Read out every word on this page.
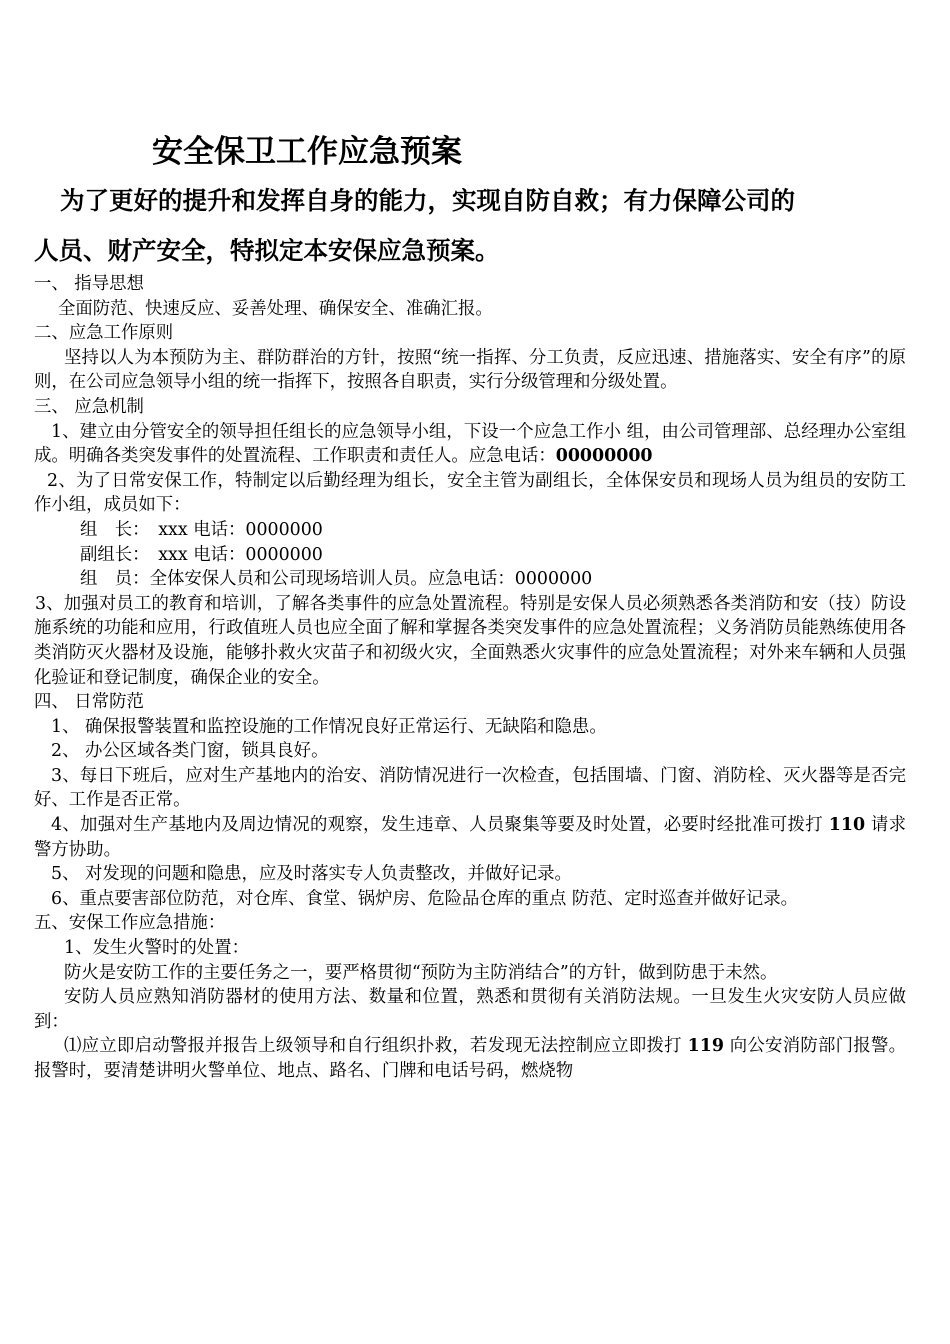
安全保卫工作应急预案
为了更好的提升和发挥自身的能力，实现自防自救；有力保障公司的
人员、财产安全，特拟定本安保应急预案。

一、 指导思想

全面防范、快速反应、妥善处理、确保安全、准确汇报。

二、应急工作原则

坚持以人为本预防为主、群防群治的方针，按照“统一指挥、分工负责，反应迅速、措施落实、安全有序”的原则，在公司应急领导小组的统一指挥下，按照各自职责，实行分级管理和分级处置。

三、 应急机制

1、建立由分管安全的领导担任组长的应急领导小组，下设一个应急工作小 组，由公司管理部、总经理办公室组成。明确各类突发事件的处置流程、工作职责和责任人。应急电话：00000000

2、为了日常安保工作，特制定以后勤经理为组长，安全主管为副组长，全体保安员和现场人员为组员的安防工作小组，成员如下：

组　长：　xxx 电话：0000000

副组长：　xxx 电话：0000000

组　员：全体安保人员和公司现场培训人员。应急电话：0000000

3、加强对员工的教育和培训，了解各类事件的应急处置流程。特别是安保人员必须熟悉各类消防和安（技）防设施系统的功能和应用，行政值班人员也应全面了解和掌握各类突发事件的应急处置流程；义务消防员能熟练使用各类消防灭火器材及设施，能够扑救火灾苗子和初级火灾，全面熟悉火灾事件的应急处置流程；对外来车辆和人员强化验证和登记制度，确保企业的安全。

四、 日常防范

1、 确保报警装置和监控设施的工作情况良好正常运行、无缺陷和隐患。

2、 办公区域各类门窗，锁具良好。

3、每日下班后，应对生产基地内的治安、消防情况进行一次检查，包括围墙、门窗、消防栓、灭火器等是否完好、工作是否正常。

4、加强对生产基地内及周边情况的观察，发生违章、人员聚集等要及时处置，必要时经批准可拨打 110 请求警方协助。

5、 对发现的问题和隐患，应及时落实专人负责整改，并做好记录。

6、重点要害部位防范，对仓库、食堂、锅炉房、危险品仓库的重点 防范、定时巡查并做好记录。

五、安保工作应急措施：

1、发生火警时的处置：

防火是安防工作的主要任务之一，要严格贯彻“预防为主防消结合”的方针，做到防患于未然。

安防人员应熟知消防器材的使用方法、数量和位置，熟悉和贯彻有关消防法规。一旦发生火灾安防人员应做到：

⑴应立即启动警报并报告上级领导和自行组织扑救，若发现无法控制应立即拨打 119 向公安消防部门报警。报警时，要清楚讲明火警单位、地点、路名、门牌和电话号码，燃烧物
